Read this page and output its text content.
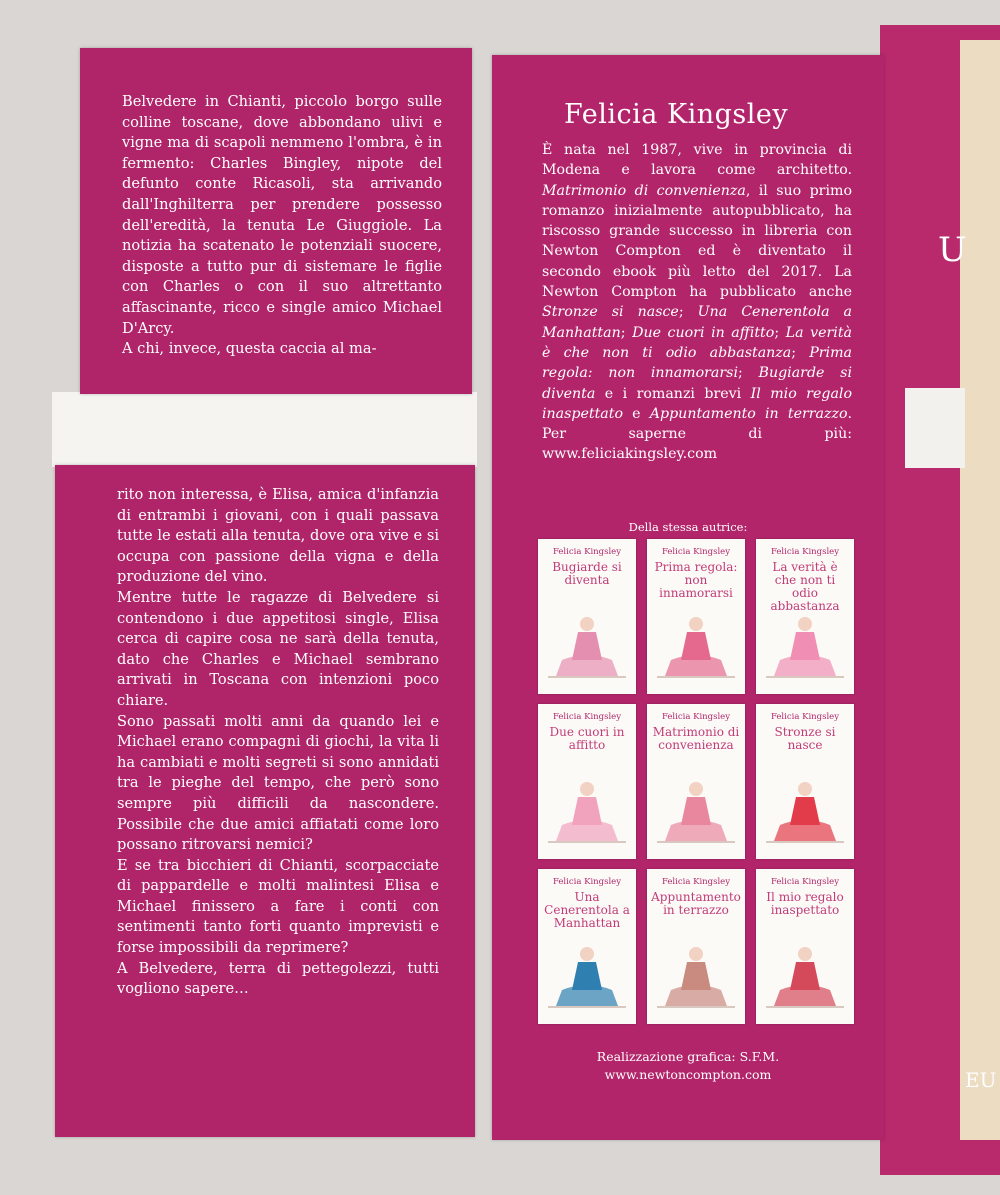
U
EU

Belvedere in Chianti, piccolo borgo sulle colline toscane, dove abbondano ulivi e vigne ma di scapoli nemmeno l'ombra, è in fermento: Charles Bingley, nipote del defunto conte Ricasoli, sta arrivando dall'Inghilterra per prendere possesso dell'eredità, la tenuta Le Giuggiole. La notizia ha scatenato le potenziali suocere, disposte a tutto pur di sistemare le figlie con Charles o con il suo altrettanto affascinante, ricco e single amico Michael D'Arcy.

A chi, invece, questa caccia al ma-

rito non interessa, è Elisa, amica d'infanzia di entrambi i giovani, con i quali passava tutte le estati alla tenuta, dove ora vive e si occupa con passione della vigna e della produzione del vino.

Mentre tutte le ragazze di Belvedere si contendono i due appetitosi single, Elisa cerca di capire cosa ne sarà della tenuta, dato che Charles e Michael sembrano arrivati in Toscana con intenzioni poco chiare.

Sono passati molti anni da quando lei e Michael erano compagni di giochi, la vita li ha cambiati e molti segreti si sono annidati tra le pieghe del tempo, che però sono sempre più difficili da nascondere. Possibile che due amici affiatati come loro possano ritrovarsi nemici?

E se tra bicchieri di Chianti, scorpacciate di pappardelle e molti malintesi Elisa e Michael finissero a fare i conti con sentimenti tanto forti quanto imprevisti e forse impossibili da reprimere?

A Belvedere, terra di pettegolezzi, tutti vogliono sapere…

Felicia Kingsley
È nata nel 1987, vive in provincia di Modena e lavora come architetto. Matrimonio di convenienza, il suo primo romanzo inizialmente autopubblicato, ha riscosso grande successo in libreria con Newton Compton ed è diventato il secondo ebook più letto del 2017. La Newton Compton ha pubblicato anche Stronze si nasce; Una Cenerentola a Manhattan; Due cuori in affitto; La verità è che non ti odio abbastanza; Prima regola: non innamorarsi; Bugiarde si diventa e i romanzi brevi Il mio regalo inaspettato e Appuntamento in terrazzo. Per saperne di più: www.feliciakingsley.com
Della stessa autrice:
Felicia Kingsley
Bugiarde si diventa
Felicia Kingsley
Prima regola: non innamorarsi
Felicia Kingsley
La verità è che non ti odio abbastanza
Felicia Kingsley
Due cuori in affitto
Felicia Kingsley
Matrimonio di convenienza
Felicia Kingsley
Stronze si nasce
Felicia Kingsley
Una Cenerentola a Manhattan
Felicia Kingsley
Appuntamento in terrazzo
Felicia Kingsley
Il mio regalo inaspettato
Realizzazione grafica: S.F.M.
www.newtoncompton.com
